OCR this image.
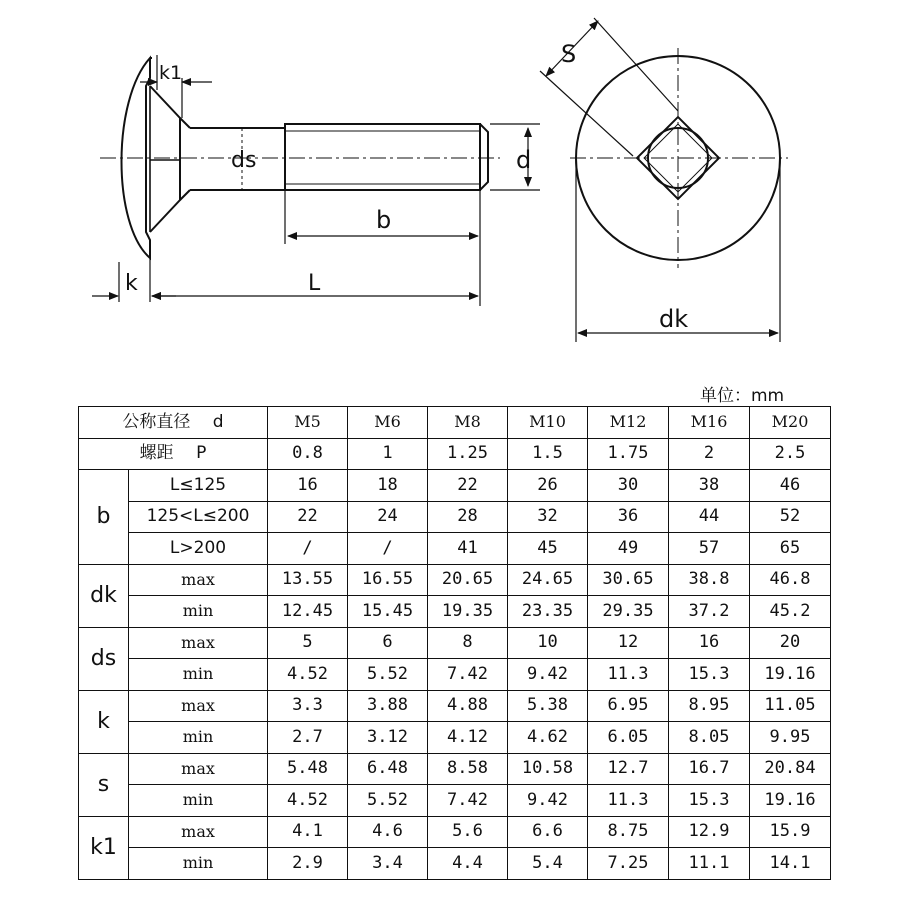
k1
ds	d
b
k	L
S
dk
单位：mm
公称直径　 d		M5	M6	M8	M10	M12	M16	M20
螺距　 P		0.8	1	1.25	1.5	1.75	2	2.5
b	L≤125	16	18	22	26	30	38	46
	125<L≤200	22	24	28	32	36	44	52
	L>200	/	/	41	45	49	57	65
dk	max	13.55	16.55	20.65	24.65	30.65	38.8	46.8
	min	12.45	15.45	19.35	23.35	29.35	37.2	45.2
ds	max	5	6	8	10	12	16	20
	min	4.52	5.52	7.42	9.42	11.3	15.3	19.16
k	max	3.3	3.88	4.88	5.38	6.95	8.95	11.05
	min	2.7	3.12	4.12	4.62	6.05	8.05	9.95
s	max	5.48	6.48	8.58	10.58	12.7	16.7	20.84
	min	4.52	5.52	7.42	9.42	11.3	15.3	19.16
k1	max	4.1	4.6	5.6	6.6	8.75	12.9	15.9
	min	2.9	3.4	4.4	5.4	7.25	11.1	14.1
